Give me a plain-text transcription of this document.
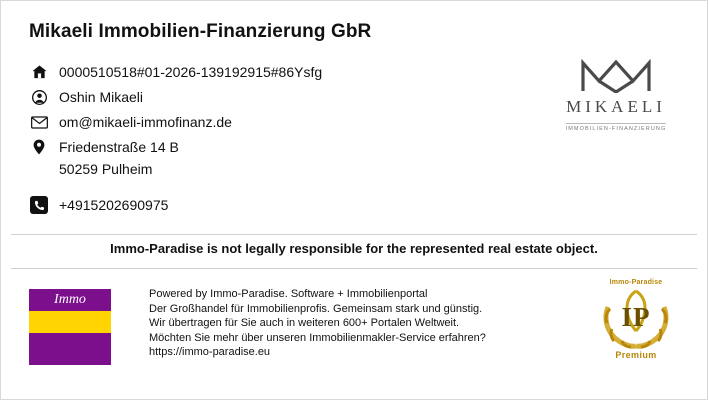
Mikaeli Immobilien-Finanzierung GbR
0000510518#01-2026-139192915#86Ysfg
Oshin Mikaeli
om@mikaeli-immofinanz.de
Friedenstraße 14 B
50259 Pulheim
+4915202690975
MIKAELI
IMMOBILIEN-FINANZIERUNG
Immo-Paradise is not legally responsible for the represented real estate object.
Immo
Paradise
Powered by Immo-Paradise. Software + Immobilienportal
Der Großhandel für Immobilienprofis. Gemeinsam stark und günstig.
Wir übertragen für Sie auch in weiteren 600+ Portalen Weltweit.
Möchten Sie mehr über unseren Immobilienmakler-Service erfahren?
https://immo-paradise.eu
Immo-Paradise
IP
Premium
